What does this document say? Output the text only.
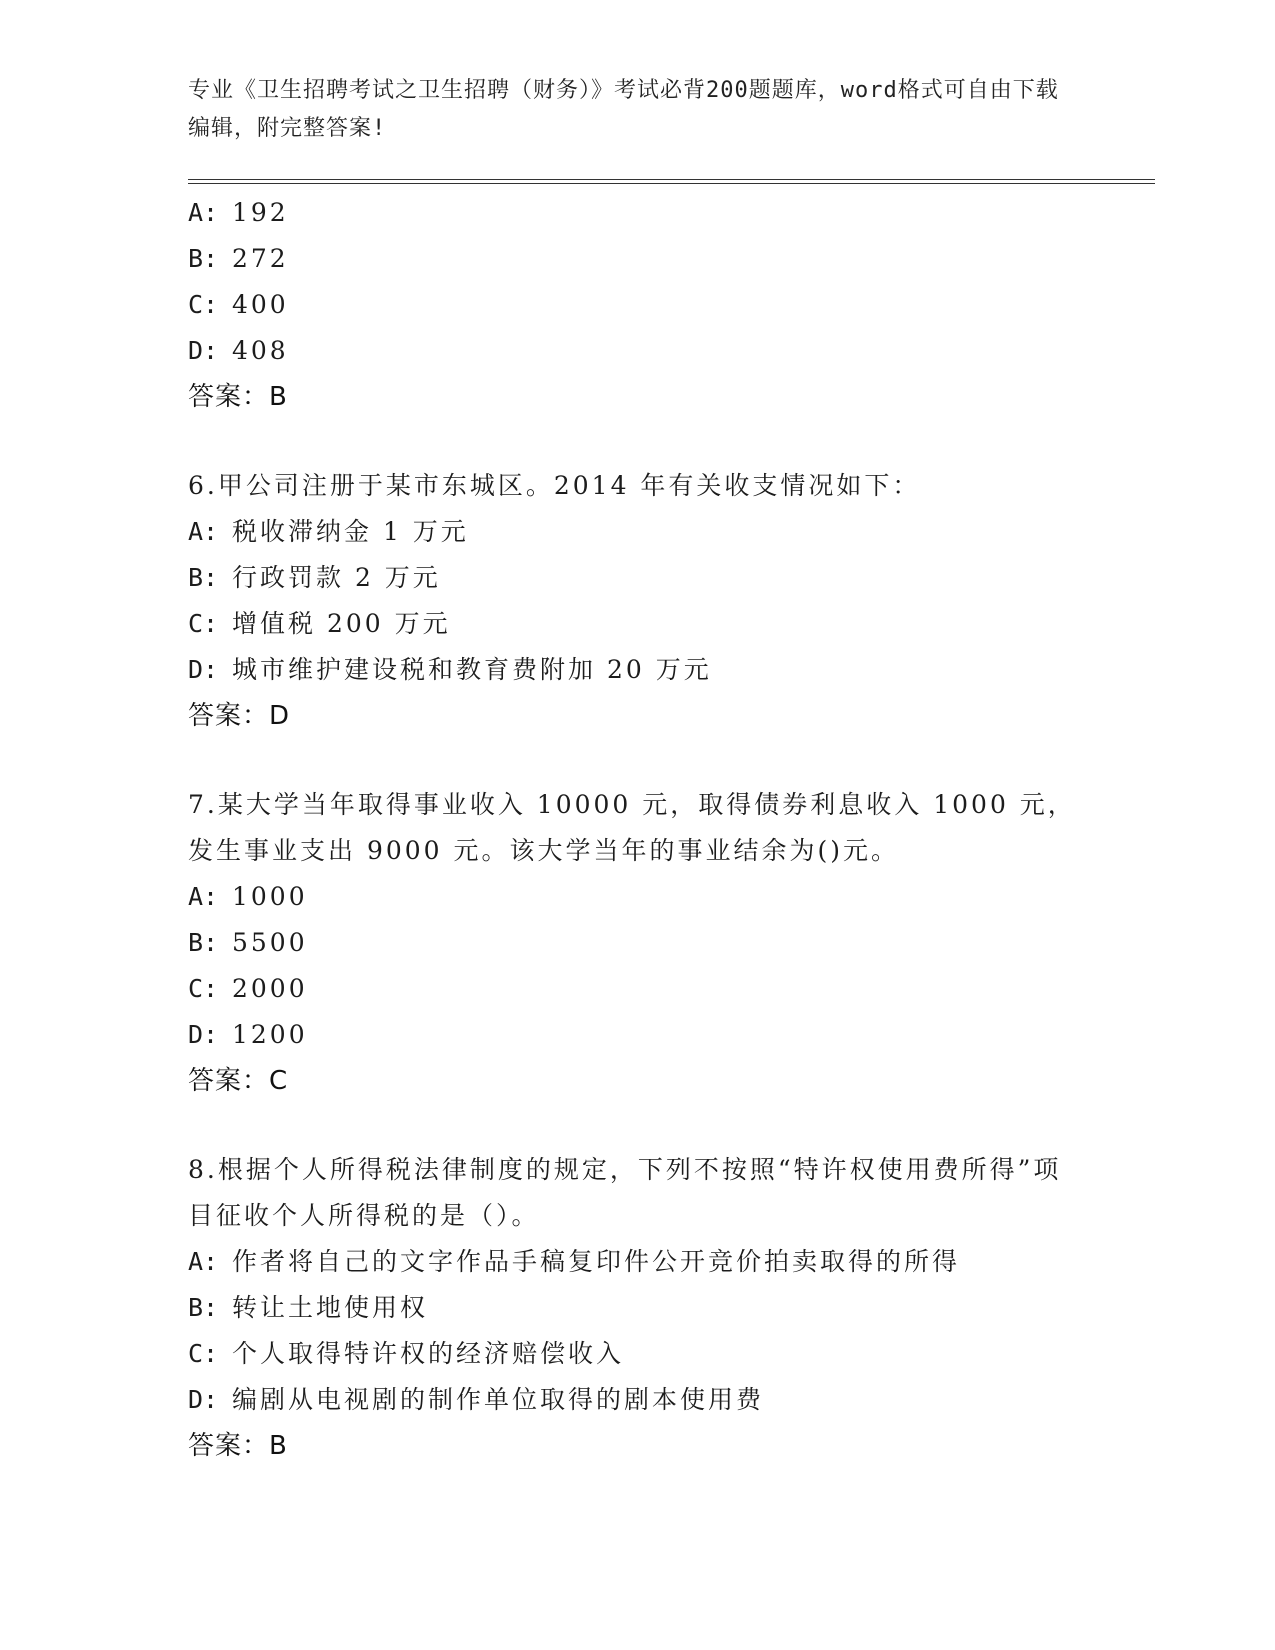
专业《卫生招聘考试之卫生招聘（财务）》考试必背200题题库，word格式可自由下载编辑，附完整答案!
A: 192
B: 272
C: 400
D: 408
答案：B
6.甲公司注册于某市东城区。2014 年有关收支情况如下：
A: 税收滞纳金 1 万元
B: 行政罚款 2 万元
C: 增值税 200 万元
D: 城市维护建设税和教育费附加 20 万元
答案：D
7.某大学当年取得事业收入 10000 元，取得债券利息收入 1000 元，发生事业支出 9000 元。该大学当年的事业结余为()元。
A: 1000
B: 5500
C: 2000
D: 1200
答案：C
8.根据个人所得税法律制度的规定，下列不按照“特许权使用费所得”项目征收个人所得税的是（）。
A: 作者将自己的文字作品手稿复印件公开竞价拍卖取得的所得
B: 转让土地使用权
C: 个人取得特许权的经济赔偿收入
D: 编剧从电视剧的制作单位取得的剧本使用费
答案：B
